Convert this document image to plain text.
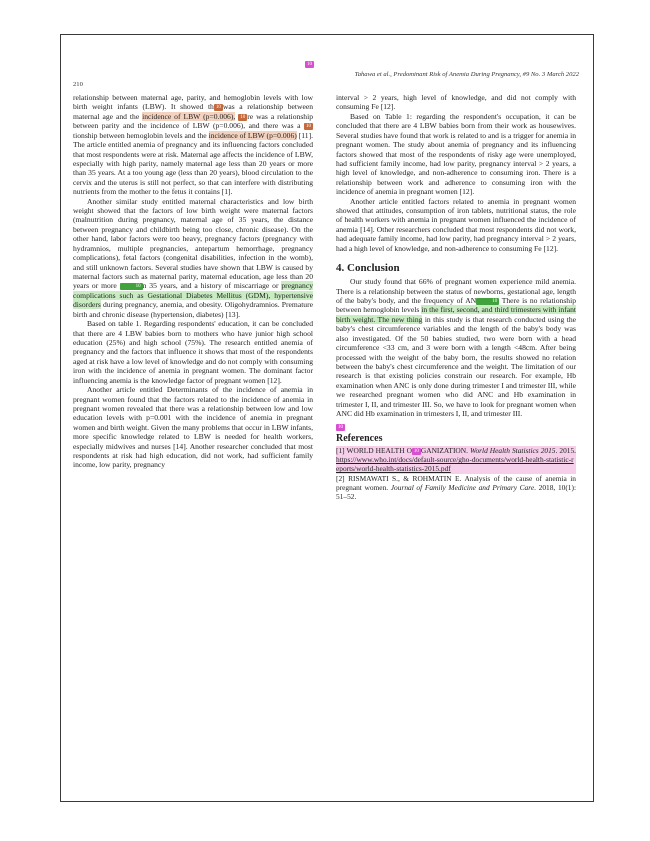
10
Tahawa et al., Predominant Risk of Anemia During Pregnancy, #9 No. 3 March 2022
210

relationship between maternal age, parity, and hemoglobin levels with low birth weight infants (LBW). It showed th 10 was a relationship between maternal age and the incidence of LBW (p=0.006), 10 re was a relationship between parity and the incidence of LBW (p=0.006), and there was a 10tionship between hemoglobin levels and the incidence of LBW (p=0.006) [11]. The article entitled anemia of pregnancy and its influencing factors concluded that most respondents were at risk. Maternal age affects the incidence of LBW, especially with high parity, namely maternal age less than 20 years or more than 35 years. At a too young age (less than 20 years), blood circulation to the cervix and the uterus is still not perfect, so that can interfere with distributing nutrients from the mother to the fetus it contains [1].

Another similar study entitled maternal characteristics and low birth weight showed that the factors of low birth weight were maternal factors (malnutrition during pregnancy, maternal age of 35 years, the distance between pregnancy and childbirth being too close, chronic disease). On the other hand, labor factors were too heavy, pregnancy factors (pregnancy with hydramnios, multiple pregnancies, antepartum hemorrhage, pregnancy complications), fetal factors (congenital disabilities, infection in the womb), and still unknown factors. Several studies have shown that LBW is caused by maternal factors such as maternal parity, maternal education, age less than 20 years or more	10 n 35 years, and a history of miscarriage or pregnancy complications such as Gestational Diabetes Mellitus (GDM), hypertensive disorders during pregnancy, anemia, and obesity. Oligohydramnios. Premature birth and chronic disease (hypertension, diabetes) [13].

Based on table 1. Regarding respondents' education, it can be concluded that there are 4 LBW babies born to mothers who have junior high school education (25%) and high school (75%). The research entitled anemia of pregnancy and the factors that influence it shows that most of the respondents aged at risk have a low level of knowledge and do not comply with consuming iron with the incidence of anemia in pregnant women. The dominant factor influencing anemia is the knowledge factor of pregnant women [12].

Another article entitled Determinants of the incidence of anemia in pregnant women found that the factors related to the incidence of anemia in pregnant women revealed that there was a relationship between low and low education levels with p=0.001 with the incidence of anemia in pregnant women and birth weight. Given the many problems that occur in LBW infants, more specific knowledge related to LBW is needed for health workers, especially midwives and nurses [14]. Another researcher concluded that most respondents at risk had high education, did not work, had sufficient family income, low parity, pregnancy

interval > 2 years, high level of knowledge, and did not comply with consuming Fe [12].

Based on Table 1: regarding the respondent's occupation, it can be concluded that there are 4 LBW babies born from their work as housewives. Several studies have found that work is related to and is a trigger for anemia in pregnant women. The study about anemia of pregnancy and its influencing factors showed that most of the respondents of risky age were unemployed, had sufficient family income, had low parity, pregnancy interval > 2 years, a high level of knowledge, and non-adherence to consuming iron. There is a relationship between work and adherence to consuming iron with the incidence of anemia in pregnant women [12].

Another article entitled factors related to anemia in pregnant women showed that attitudes, consumption of iron tablets, nutritional status, the role of health workers with anemia in pregnant women influenced the incidence of anemia [14]. Other researchers concluded that most respondents did not work, had adequate family income, had low parity, had pregnancy interval > 2 years, had a high level of knowledge, and non-adherence to consuming Fe [12].

4. Conclusion

Our study found that 66% of pregnant women experience mild anemia. There is a relationship between the status of newborns, gestational age, length of the baby's body, and the frequency of AN	10 There is no relationship between hemoglobin levels in the first, second, and third trimesters with infant birth weight. The new thing in this study is that research conducted using the baby's chest circumference variables and the length of the baby's body was also investigated. Of the 50 babies studied, two were born with a head circumference <33 cm, and 3 were born with a length <48cm. After being processed with the weight of the baby born, the results showed no relation between the baby's chest circumference and the weight. The limitation of our research is that existing policies constrain our research. For example, Hb examination when ANC is only done during trimester I and trimester III, while we researched pregnant women who did ANC and Hb examination in trimester I, II, and trimester III. So, we have to look for pregnant women when ANC did Hb examination in trimesters I, II, and trimester III.

10
References

[1] WORLD HEALTH O 10 GANIZATION. World Health Statistics 2015. 2015. https://www.who.int/docs/default-source/gho-documents/world-health-statistic-reports/world-health-statistics-2015.pdf

[2] RISMAWATI S., & ROHMATIN E. Analysis of the cause of anemia in pregnant women. Journal of Family Medicine and Primary Care. 2018, 10(1): 51–52.
